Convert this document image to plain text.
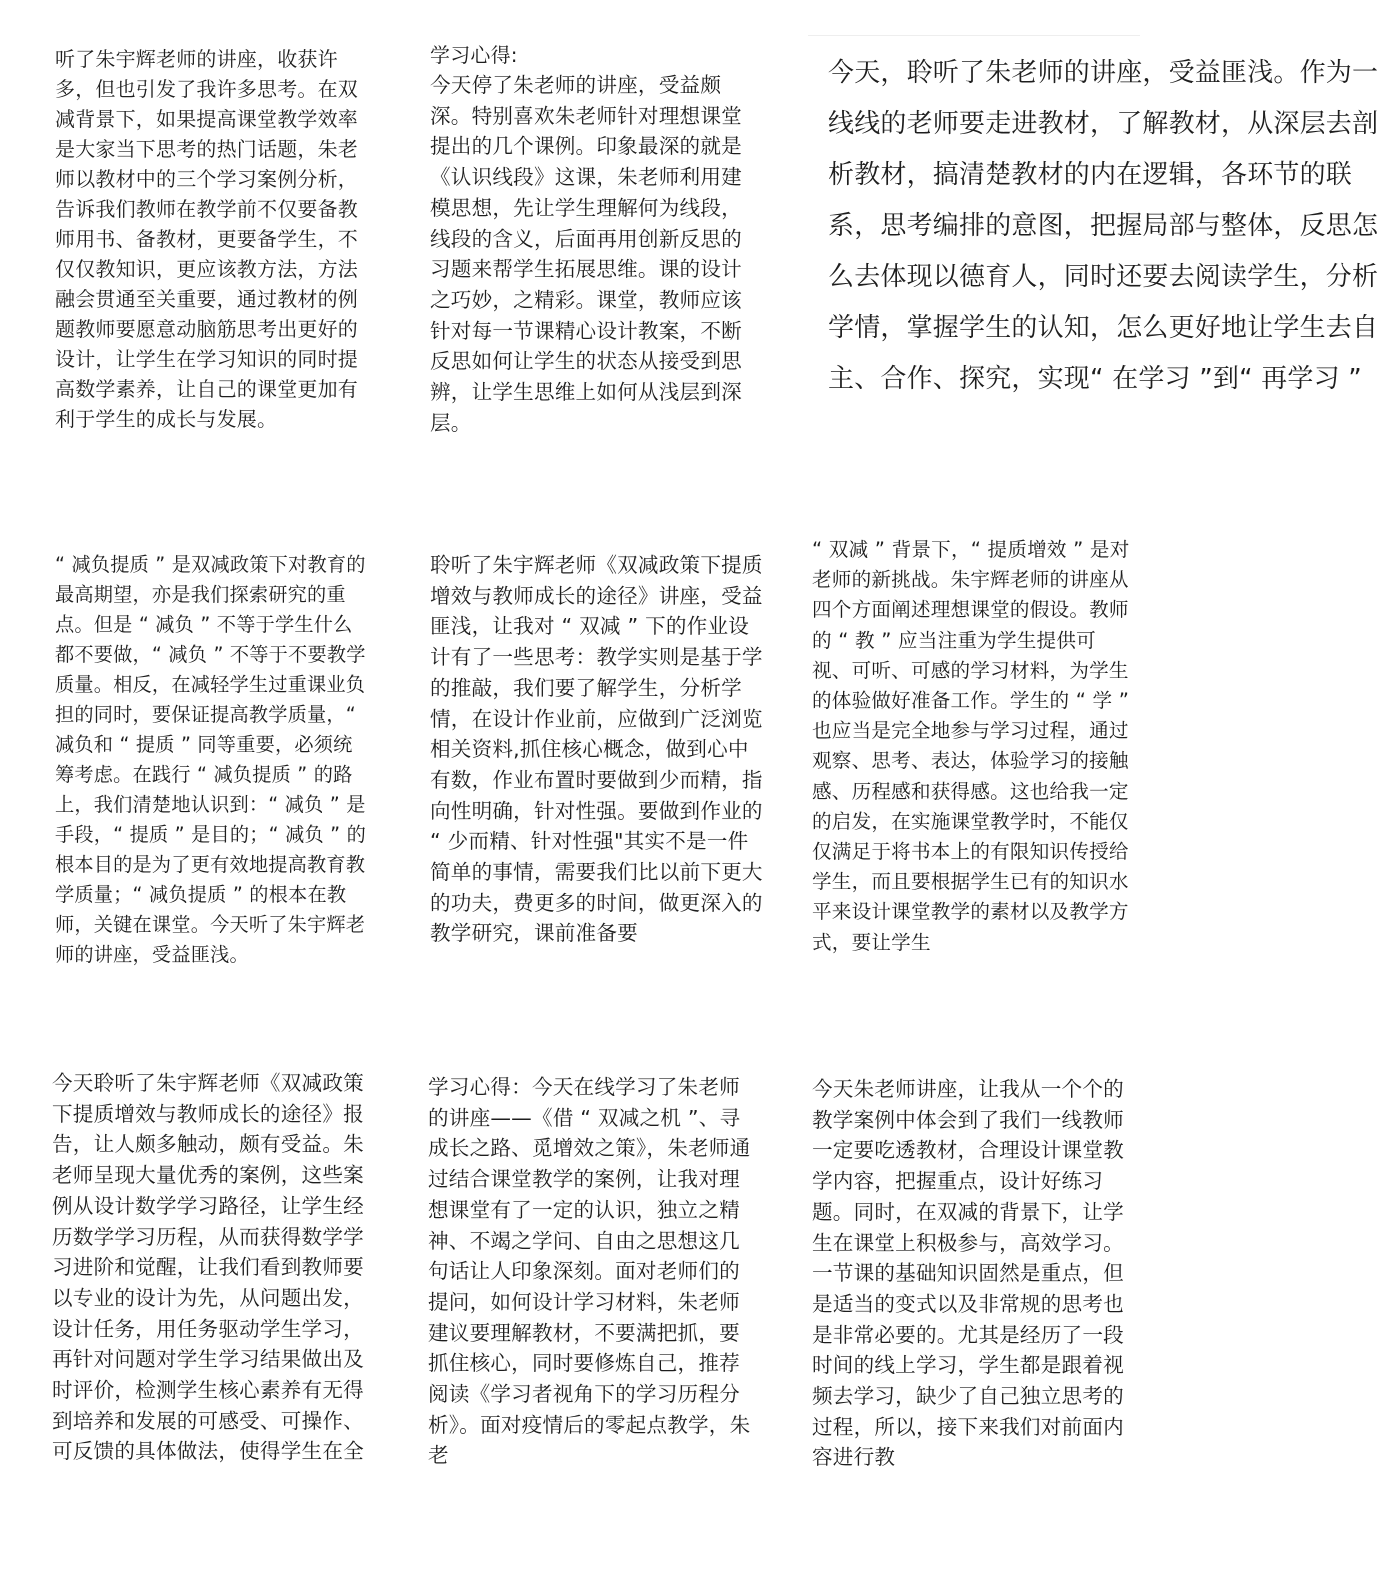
听了朱宇辉老师的讲座，收获许多，但也引发了我许多思考。在双减背景下，如果提高课堂教学效率是大家当下思考的热门话题，朱老师以教材中的三个学习案例分析，告诉我们教师在教学前不仅要备教师用书、备教材，更要备学生，不仅仅教知识，更应该教方法，方法融会贯通至关重要，通过教材的例题教师要愿意动脑筋思考出更好的设计，让学生在学习知识的同时提高数学素养，让自己的课堂更加有利于学生的成长与发展。

学习心得:

今天停了朱老师的讲座，受益颇深。特别喜欢朱老师针对理想课堂提出的几个课例。印象最深的就是《认识线段》这课，朱老师利用建模思想，先让学生理解何为线段，线段的含义，后面再用创新反思的习题来帮学生拓展思维。课的设计之巧妙，之精彩。课堂，教师应该针对每一节课精心设计教案，不断反思如何让学生的状态从接受到思辨，让学生思维上如何从浅层到深层。

今天，聆听了朱老师的讲座，受益匪浅。作为一线线的老师要走进教材，了解教材，从深层去剖析教材，搞清楚教材的内在逻辑，各环节的联系，思考编排的意图，把握局部与整体，反思怎么去体现以德育人，同时还要去阅读学生，分析学情，掌握学生的认知，怎么更好地让学生去自主、合作、探究，实现“ 在学习 ”到“ 再学习 ”

“ 减负提质 ” 是双减政策下对教育的最高期望，亦是我们探索研究的重点。但是 “ 减负 ” 不等于学生什么都不要做，“ 减负 ” 不等于不要教学质量。相反，在减轻学生过重课业负担的同时，要保证提高教学质量，“ 减负和 “ 提质 ” 同等重要，必须统筹考虑。在践行 “ 减负提质 ” 的路上，我们清楚地认识到：“ 减负 ” 是手段，“ 提质 ” 是目的；“ 减负 ” 的根本目的是为了更有效地提高教育教学质量；“ 减负提质 ” 的根本在教师，关键在课堂。今天听了朱宇辉老师的讲座，受益匪浅。

聆听了朱宇辉老师《双减政策下提质增效与教师成长的途径》讲座，受益匪浅，让我对 “ 双减 ” 下的作业设计有了一些思考：教学实则是基于学的推敲，我们要了解学生，分析学情，在设计作业前，应做到广泛浏览相关资料,抓住核心概念，做到心中有数，作业布置时要做到少而精，指向性明确，针对性强。要做到作业的 “ 少而精、针对性强"其实不是一件简单的事情，需要我们比以前下更大的功夫，费更多的时间，做更深入的教学研究，课前准备要

“ 双减 ” 背景下，“ 提质增效 ” 是对老师的新挑战。朱宇辉老师的讲座从四个方面阐述理想课堂的假设。教师的 “ 教 ” 应当注重为学生提供可视、可听、可感的学习材料，为学生的体验做好准备工作。学生的 “ 学 ” 也应当是完全地参与学习过程，通过观察、思考、表达，体验学习的接触感、历程感和获得感。这也给我一定的启发，在实施课堂教学时，不能仅仅满足于将书本上的有限知识传授给学生，而且要根据学生已有的知识水平来设计课堂教学的素材以及教学方式，要让学生

今天聆听了朱宇辉老师《双减政策下提质增效与教师成长的途径》报告，让人颇多触动，颇有受益。朱老师呈现大量优秀的案例，这些案例从设计数学学习路径，让学生经历数学学习历程，从而获得数学学习进阶和觉醒，让我们看到教师要以专业的设计为先，从问题出发，设计任务，用任务驱动学生学习，再针对问题对学生学习结果做出及时评价，检测学生核心素养有无得到培养和发展的可感受、可操作、可反馈的具体做法，使得学生在全

学习心得：今天在线学习了朱老师的讲座——《借 “ 双减之机 ”、寻成长之路、觅增效之策》，朱老师通过结合课堂教学的案例，让我对理想课堂有了一定的认识，独立之精神、不竭之学问、自由之思想这几句话让人印象深刻。面对老师们的提问，如何设计学习材料，朱老师建议要理解教材，不要满把抓，要抓住核心，同时要修炼自己，推荐阅读《学习者视角下的学习历程分析》。面对疫情后的零起点教学，朱老

今天朱老师讲座，让我从一个个的教学案例中体会到了我们一线教师一定要吃透教材，合理设计课堂教学内容，把握重点，设计好练习题。同时，在双减的背景下，让学生在课堂上积极参与，高效学习。一节课的基础知识固然是重点，但是适当的变式以及非常规的思考也是非常必要的。尤其是经历了一段时间的线上学习，学生都是跟着视频去学习，缺少了自己独立思考的过程，所以，接下来我们对前面内容进行教
